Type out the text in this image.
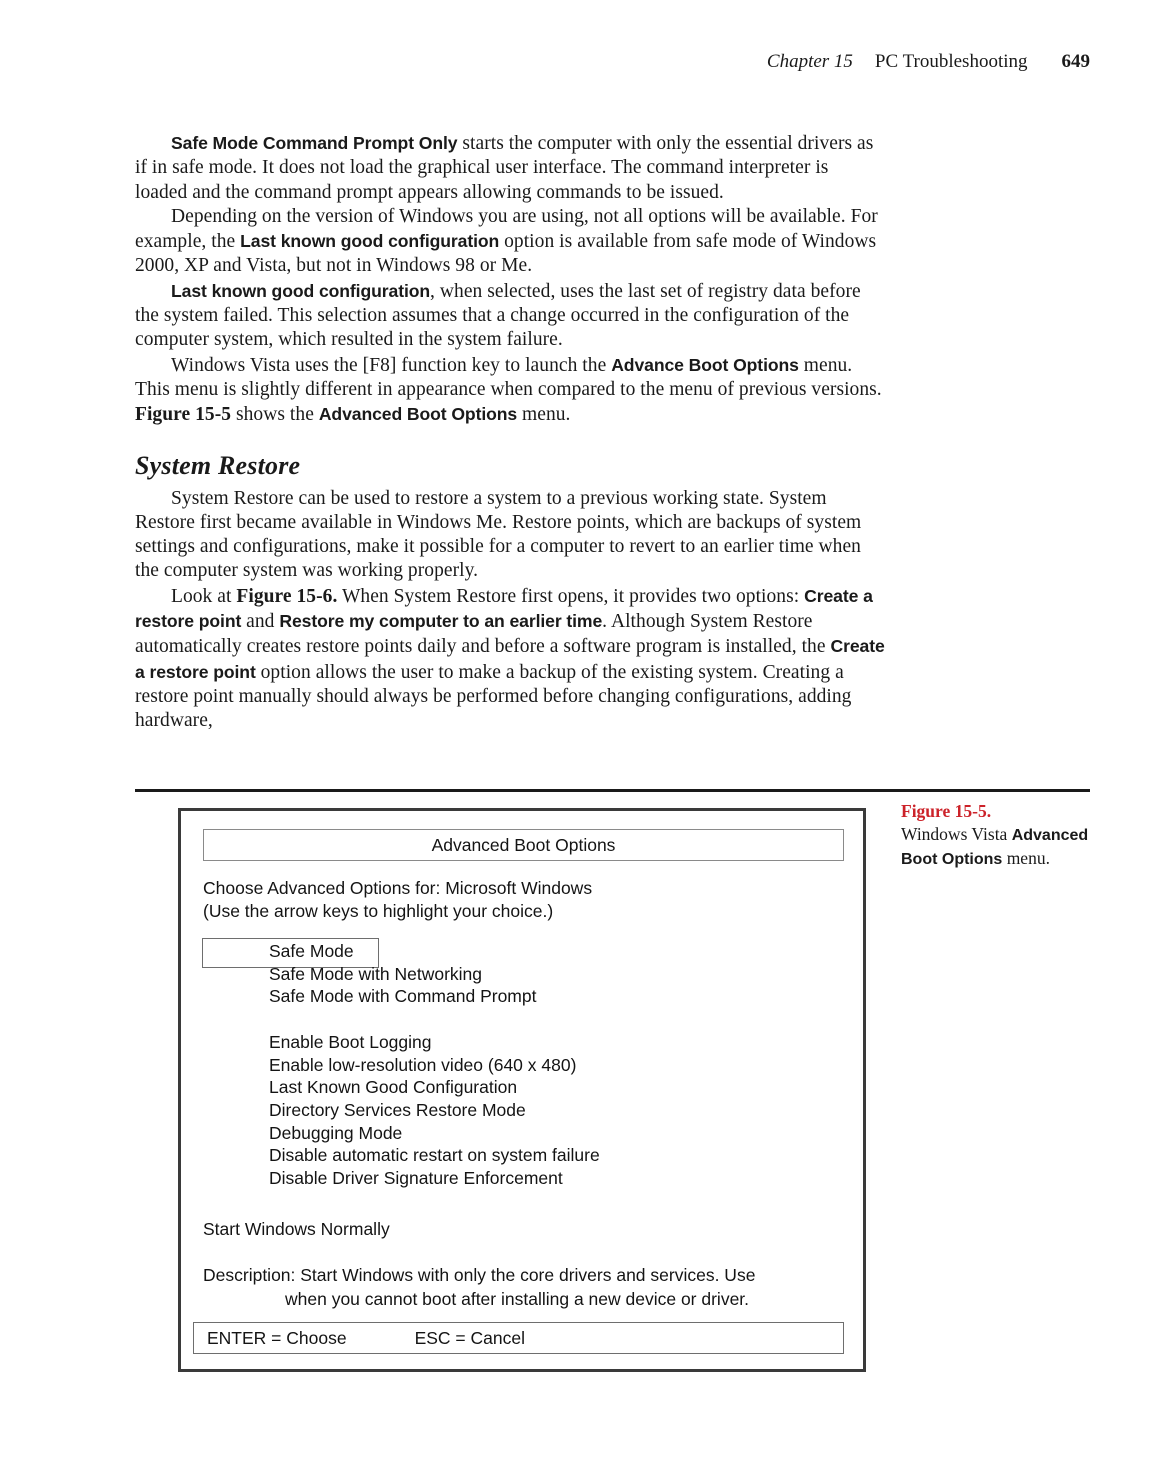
Chapter 15 PC Troubleshooting 649

Safe Mode Command Prompt Only starts the computer with only the essential drivers as if in safe mode. It does not load the graphical user interface. The command interpreter is loaded and the command prompt appears allowing commands to be issued.

Depending on the version of Windows you are using, not all options will be available. For example, the Last known good configuration option is available from safe mode of Windows 2000, XP and Vista, but not in Windows 98 or Me.

Last known good configuration, when selected, uses the last set of registry data before the system failed. This selection assumes that a change occurred in the configuration of the computer system, which resulted in the system failure.

Windows Vista uses the [F8] function key to launch the Advance Boot Options menu. This menu is slightly different in appearance when compared to the menu of previous versions. Figure 15-5 shows the Advanced Boot Options menu.

System Restore

System Restore can be used to restore a system to a previous working state. System Restore first became available in Windows Me. Restore points, which are backups of system settings and configurations, make it possible for a computer to revert to an earlier time when the computer system was working properly.

Look at Figure 15-6. When System Restore first opens, it provides two options: Create a restore point and Restore my computer to an earlier time. Although System Restore automatically creates restore points daily and before a software program is installed, the Create a restore point option allows the user to make a backup of the existing system. Creating a restore point manually should always be performed before changing configurations, adding hardware,

Advanced Boot Options
Choose Advanced Options for: Microsoft Windows
(Use the arrow keys to highlight your choice.)
Safe Mode
Safe Mode with Networking
Safe Mode with Command Prompt
Enable Boot Logging
Enable low-resolution video (640 x 480)
Last Known Good Configuration
Directory Services Restore Mode
Debugging Mode
Disable automatic restart on system failure
Disable Driver Signature Enforcement
Start Windows Normally
Description: Start Windows with only the core drivers and services. Use
when you cannot boot after installing a new device or driver.
ENTER = Choose	ESC = Cancel
Figure 15-5.
Windows Vista Advanced Boot Options menu.
